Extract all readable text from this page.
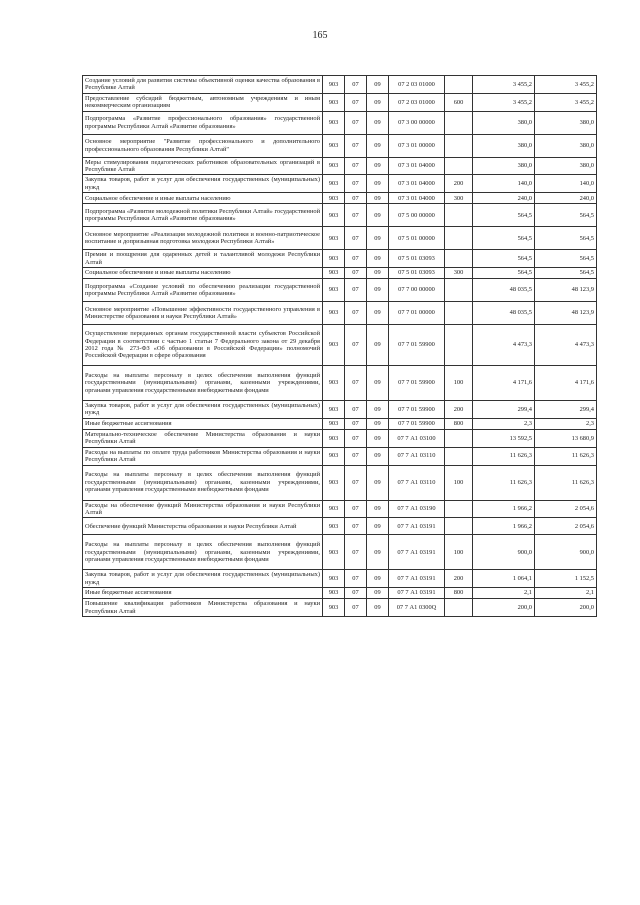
165
Создание условий для развития системы объективной оценки качества образования в Республике Алтай	903	07	09	07 2 03 01000		3 455,2	3 455,2
Предоставление субсидий бюджетным, автономным учреждениям и иным некоммерческим организациям	903	07	09	07 2 03 01000	600	3 455,2	3 455,2
Подпрограмма «Развитие профессионального образования» государственной программы Республики Алтай «Развитие образования»	903	07	09	07 3 00 00000		380,0	380,0
Основное мероприятие "Развитие профессионального и дополнительного профессионального образования Республики Алтай"	903	07	09	07 3 01 00000		380,0	380,0
Меры стимулирования педагогических работников образовательных организаций в Республике Алтай	903	07	09	07 3 01 04000		380,0	380,0
Закупка товаров, работ и услуг для обеспечения государственных (муниципальных) нужд	903	07	09	07 3 01 04000	200	140,0	140,0
Социальное обеспечение и иные выплаты населению	903	07	09	07 3 01 04000	300	240,0	240,0
Подпрограмма «Развитие молодежной политики Республики Алтай» государственной программы Республики Алтай «Развитие образования»	903	07	09	07 5 00 00000		564,5	564,5
Основное мероприятие «Реализация молодежной политики и военно-патриотическое воспитание и допризывная подготовка молодежи Республики Алтай»	903	07	09	07 5 01 00000		564,5	564,5
Премии и поощрения для одаренных детей и талантливой молодежи Республики Алтай	903	07	09	07 5 01 03093		564,5	564,5
Социальное обеспечение и иные выплаты населению	903	07	09	07 5 01 03093	300	564,5	564,5
Подпрограмма «Создание условий по обеспечению реализации государственной программы Республики Алтай «Развитие образования»	903	07	09	07 7 00 00000		48 035,5	48 123,9
Основное мероприятие «Повышение эффективности государственного управления в Министерстве образования и науки Республики Алтай»	903	07	09	07 7 01 00000		48 035,5	48 123,9
Осуществление переданных органам государственной власти субъектов Российской Федерации в соответствии с частью 1 статьи 7 Федерального закона от 29 декабря 2012 года № 273-ФЗ «Об образовании в Российской Федерации» полномочий Российской Федерации в сфере образования	903	07	09	07 7 01 59900		4 473,3	4 473,3
Расходы на выплаты персоналу в целях обеспечения выполнения функций государственными (муниципальными) органами, казенными учреждениями, органами управления государственными внебюджетными фондами	903	07	09	07 7 01 59900	100	4 171,6	4 171,6
Закупка товаров, работ и услуг для обеспечения государственных (муниципальных) нужд	903	07	09	07 7 01 59900	200	299,4	299,4
Иные бюджетные ассигнования	903	07	09	07 7 01 59900	800	2,3	2,3
Материально-техническое обеспечение Министерства образования и науки Республики Алтай	903	07	09	07 7 А1 03100		13 592,5	13 680,9
Расходы на выплаты по оплате труда работников Министерства образования и науки Республики Алтай	903	07	09	07 7 А1 03110		11 626,3	11 626,3
Расходы на выплаты персоналу в целях обеспечения выполнения функций государственными (муниципальными) органами, казенными учреждениями, органами управления государственными внебюджетными фондами	903	07	09	07 7 А1 03110	100	11 626,3	11 626,3
Расходы на обеспечение функций Министерства образования и науки Республики Алтай	903	07	09	07 7 А1 03190		1 966,2	2 054,6
Обеспечение функций Министерства образования и науки Республики Алтай	903	07	09	07 7 А1 03191		1 966,2	2 054,6
Расходы на выплаты персоналу в целях обеспечения выполнения функций государственными (муниципальными) органами, казенными учреждениями, органами управления государственными внебюджетными фондами	903	07	09	07 7 А1 03191	100	900,0	900,0
Закупка товаров, работ и услуг для обеспечения государственных (муниципальных) нужд	903	07	09	07 7 А1 03191	200	1 064,1	1 152,5
Иные бюджетные ассигнования	903	07	09	07 7 А1 03191	800	2,1	2,1
Повышение квалификации работников Министерства образования и науки Республики Алтай	903	07	09	07 7 А1 0300Q		200,0	200,0
